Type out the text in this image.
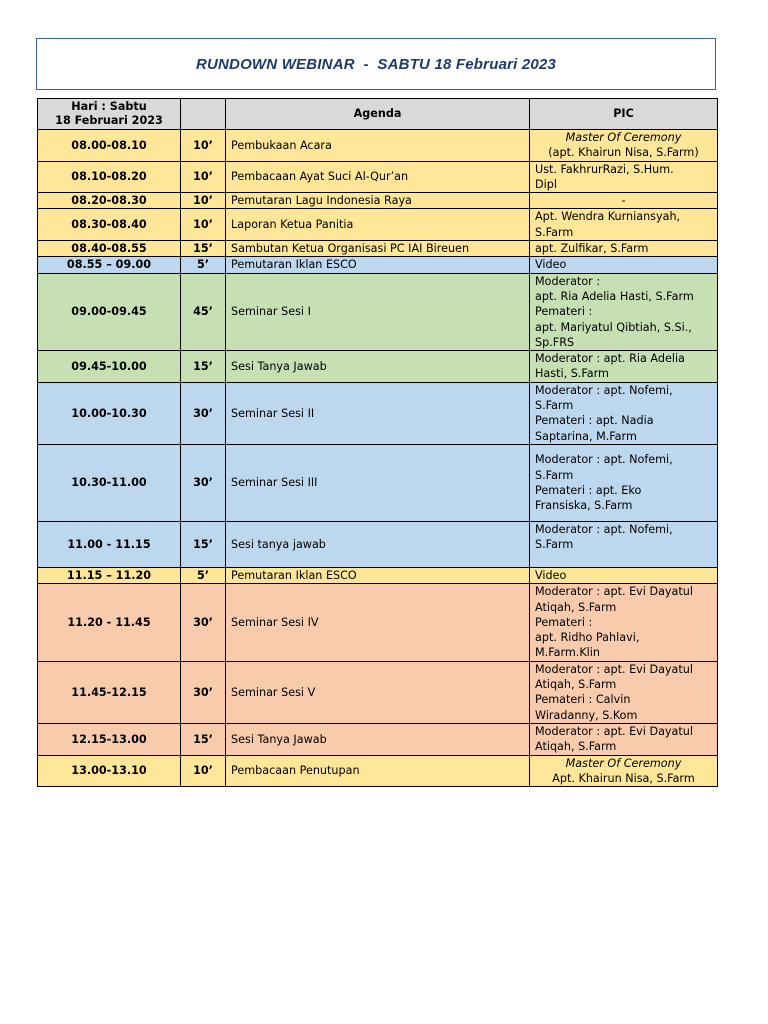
RUNDOWN WEBINAR  -  SABTU 18 Februari 2023
Hari : Sabtu
18 Februari 2023		Agenda	PIC
08.00-08.10	10’	Pembukaan Acara	Master Of Ceremony
(apt. Khairun Nisa, S.Farm)

08.10-08.20	10’	Pembacaan Ayat Suci Al-Qur’an	Ust. FakhrurRazi, S.Hum.
Dipl

08.20-08.30	10’	Pemutaran Lagu Indonesia Raya	-

08.30-08.40	10’	Laporan Ketua Panitia	Apt. Wendra Kurniansyah,
S.Farm

08.40-08.55	15’	Sambutan Ketua Organisasi PC IAI Bireuen	apt. Zulfikar, S.Farm

08.55 – 09.00	5’	Pemutaran Iklan ESCO	Video

09.00-09.45	45’	Seminar Sesi I	Moderator :
apt. Ria Adelia Hasti, S.Farm
Pemateri :
apt. Mariyatul Qibtiah, S.Si.,
Sp.FRS

09.45-10.00	15’	Sesi Tanya Jawab	Moderator : apt. Ria Adelia
Hasti, S.Farm

10.00-10.30	30’	Seminar Sesi II	Moderator : apt. Nofemi,
S.Farm
Pemateri : apt. Nadia
Saptarina, M.Farm

10.30-11.00	30’	Seminar Sesi III	Moderator : apt. Nofemi,
S.Farm
Pemateri : apt. Eko
Fransiska, S.Farm

11.00 - 11.15	15’	Sesi tanya jawab	Moderator : apt. Nofemi,
S.Farm

11.15 – 11.20	5’	Pemutaran Iklan ESCO	Video

11.20 - 11.45	30’	Seminar Sesi IV	Moderator : apt. Evi Dayatul
Atiqah, S.Farm
Pemateri :
apt. Ridho Pahlavi,
M.Farm.Klin

11.45-12.15	30’	Seminar Sesi V	Moderator : apt. Evi Dayatul
Atiqah, S.Farm
Pemateri : Calvin
Wiradanny, S.Kom

12.15-13.00	15’	Sesi Tanya Jawab	Moderator : apt. Evi Dayatul
Atiqah, S.Farm

13.00-13.10	10’	Pembacaan Penutupan	Master Of Ceremony
Apt. Khairun Nisa, S.Farm
